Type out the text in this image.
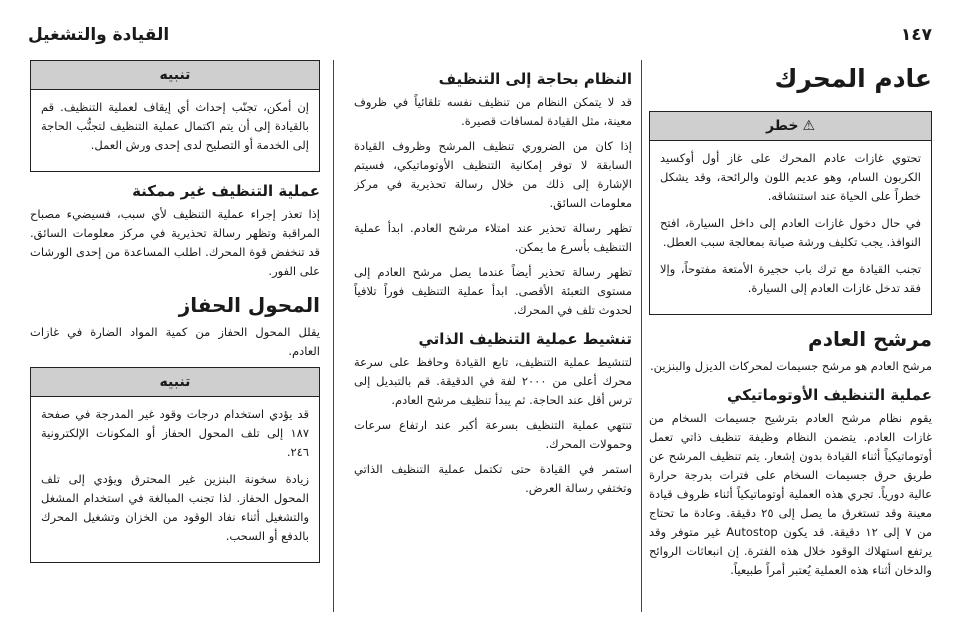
١٤٧
القيادة والتشغيل
عادم المحرك
⚠خطر

تحتوي غازات عادم المحرك على غاز أول أوكسيد الكربون السام، وهو عديم اللون والرائحة، وقد يشكل خطراً على الحياة عند استنشاقه.

في حال دخول غازات العادم إلى داخل السيارة، افتح النوافذ. يجب تكليف ورشة صيانة بمعالجة سبب العطل.

تجنب القيادة مع ترك باب حجيرة الأمتعة مفتوحاً، وإلا فقد تدخل غازات العادم إلى السيارة.

مرشح العادم

مرشح العادم هو مرشح جسيمات لمحركات الديزل والبنزين.

عملية التنظيف الأوتوماتيكي

يقوم نظام مرشح العادم بترشيح جسيمات السخام من غازات العادم. يتضمن النظام وظيفة تنظيف ذاتي تعمل أوتوماتيكياً أثناء القيادة بدون إشعار. يتم تنظيف المرشح عن طريق حرق جسيمات السخام على فترات بدرجة حرارة عالية دورياً. تجري هذه العملية أوتوماتيكياً أثناء ظروف قيادة معينة وقد تستغرق ما يصل إلى ٢٥ دقيقة. وعادة ما تحتاج من ٧ إلى ١٢ دقيقة. قد يكون Autostop غير متوفر وقد يرتفع استهلاك الوقود خلال هذه الفترة. إن انبعاثات الروائح والدخان أثناء هذه العملية يُعتبر أمراً طبيعياً.

النظام بحاجة إلى التنظيف

قد لا يتمكن النظام من تنظيف نفسه تلقائياً في ظروف معينة، مثل القيادة لمسافات قصيرة.

إذا كان من الضروري تنظيف المرشح وظروف القيادة السابقة لا توفر إمكانية التنظيف الأوتوماتيكي، فسيتم الإشارة إلى ذلك من خلال رسالة تحذيرية في مركز معلومات السائق.

تظهر رسالة تحذير عند امتلاء مرشح العادم. ابدأ عملية التنظيف بأسرع ما يمكن.

تظهر رسالة تحذير أيضاً عندما يصل مرشح العادم إلى مستوى التعبئة الأقصى. ابدأ عملية التنظيف فوراً تلافياً لحدوث تلف في المحرك.

تنشيط عملية التنظيف الذاتي

لتنشيط عملية التنظيف، تابع القيادة وحافظ على سرعة محرك أعلى من ٢٠٠٠ لفة في الدقيقة. قم بالتبديل إلى ترس أقل عند الحاجة. ثم يبدأ تنظيف مرشح العادم.

تنتهي عملية التنظيف بسرعة أكبر عند ارتفاع سرعات وحمولات المحرك.

استمر في القيادة حتى تكتمل عملية التنظيف الذاتي وتختفي رسالة العرض.

تنبيه

إن أمكن، تجنّب إحداث أي إيقاف لعملية التنظيف. قم بالقيادة إلى أن يتم اكتمال عملية التنظيف لتجنُّب الحاجة إلى الخدمة أو التصليح لدى إحدى ورش العمل.

عملية التنظيف غير ممكنة

إذا تعذر إجراء عملية التنظيف لأي سبب، فسيضيء مصباح المراقبة وتظهر رسالة تحذيرية في مركز معلومات السائق. قد تنخفض قوة المحرك. اطلب المساعدة من إحدى الورشات على الفور.

المحول الحفاز

يقلل المحول الحفاز من كمية المواد الضارة في غازات العادم.

تنبيه

قد يؤدي استخدام درجات وقود غير المدرجة في صفحة ١٨٧ إلى تلف المحول الحفاز أو المكونات الإلكترونية ٢٤٦.

زيادة سخونة البنزين غير المحترق ويؤدي إلى تلف المحول الحفاز. لذا تجنب المبالغة في استخدام المشغل والتشغيل أثناء نفاد الوقود من الخزان وتشغيل المحرك بالدفع أو السحب.
